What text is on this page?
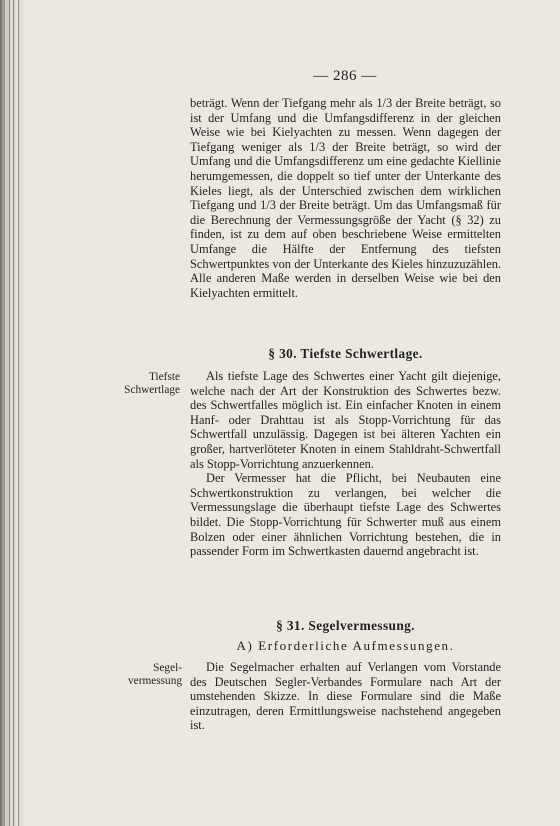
— 286 —

beträgt. Wenn der Tiefgang mehr als 1/3 der Breite beträgt, so ist der Umfang und die Umfangsdifferenz in der gleichen Weise wie bei Kielyachten zu messen. Wenn dagegen der Tiefgang weniger als 1/3 der Breite beträgt, so wird der Umfang und die Umfangsdifferenz um eine gedachte Kiellinie herumgemessen, die doppelt so tief unter der Unterkante des Kieles liegt, als der Unterschied zwischen dem wirklichen Tiefgang und 1/3 der Breite beträgt. Um das Umfangsmaß für die Berechnung der Vermessungsgröße der Yacht (§ 32) zu finden, ist zu dem auf oben beschriebene Weise ermittelten Umfange die Hälfte der Entfernung des tiefsten Schwertpunktes von der Unterkante des Kieles hinzuzuzählen. Alle anderen Maße werden in derselben Weise wie bei den Kielyachten ermittelt.

§ 30. Tiefste Schwertlage.
Tiefste
Schwertlage

Als tiefste Lage des Schwertes einer Yacht gilt diejenige, welche nach der Art der Konstruktion des Schwertes bezw. des Schwertfalles möglich ist. Ein einfacher Knoten in einem Hanf- oder Drahttau ist als Stopp-Vorrichtung für das Schwertfall unzulässig. Dagegen ist bei älteren Yachten ein großer, hartverlöteter Knoten in einem Stahldraht-Schwertfall als Stopp-Vorrichtung anzuerkennen.

Der Vermesser hat die Pflicht, bei Neubauten eine Schwertkonstruktion zu verlangen, bei welcher die Vermessungslage die überhaupt tiefste Lage des Schwertes bildet. Die Stopp-Vorrichtung für Schwerter muß aus einem Bolzen oder einer ähnlichen Vorrichtung bestehen, die in passender Form im Schwertkasten dauernd angebracht ist.

§ 31. Segelvermessung.
A) Erforderliche Aufmessungen.
Segel-
vermessung

Die Segelmacher erhalten auf Verlangen vom Vorstande des Deutschen Segler-Verbandes Formulare nach Art der umstehenden Skizze. In diese Formulare sind die Maße einzutragen, deren Ermittlungsweise nachstehend angegeben ist.
